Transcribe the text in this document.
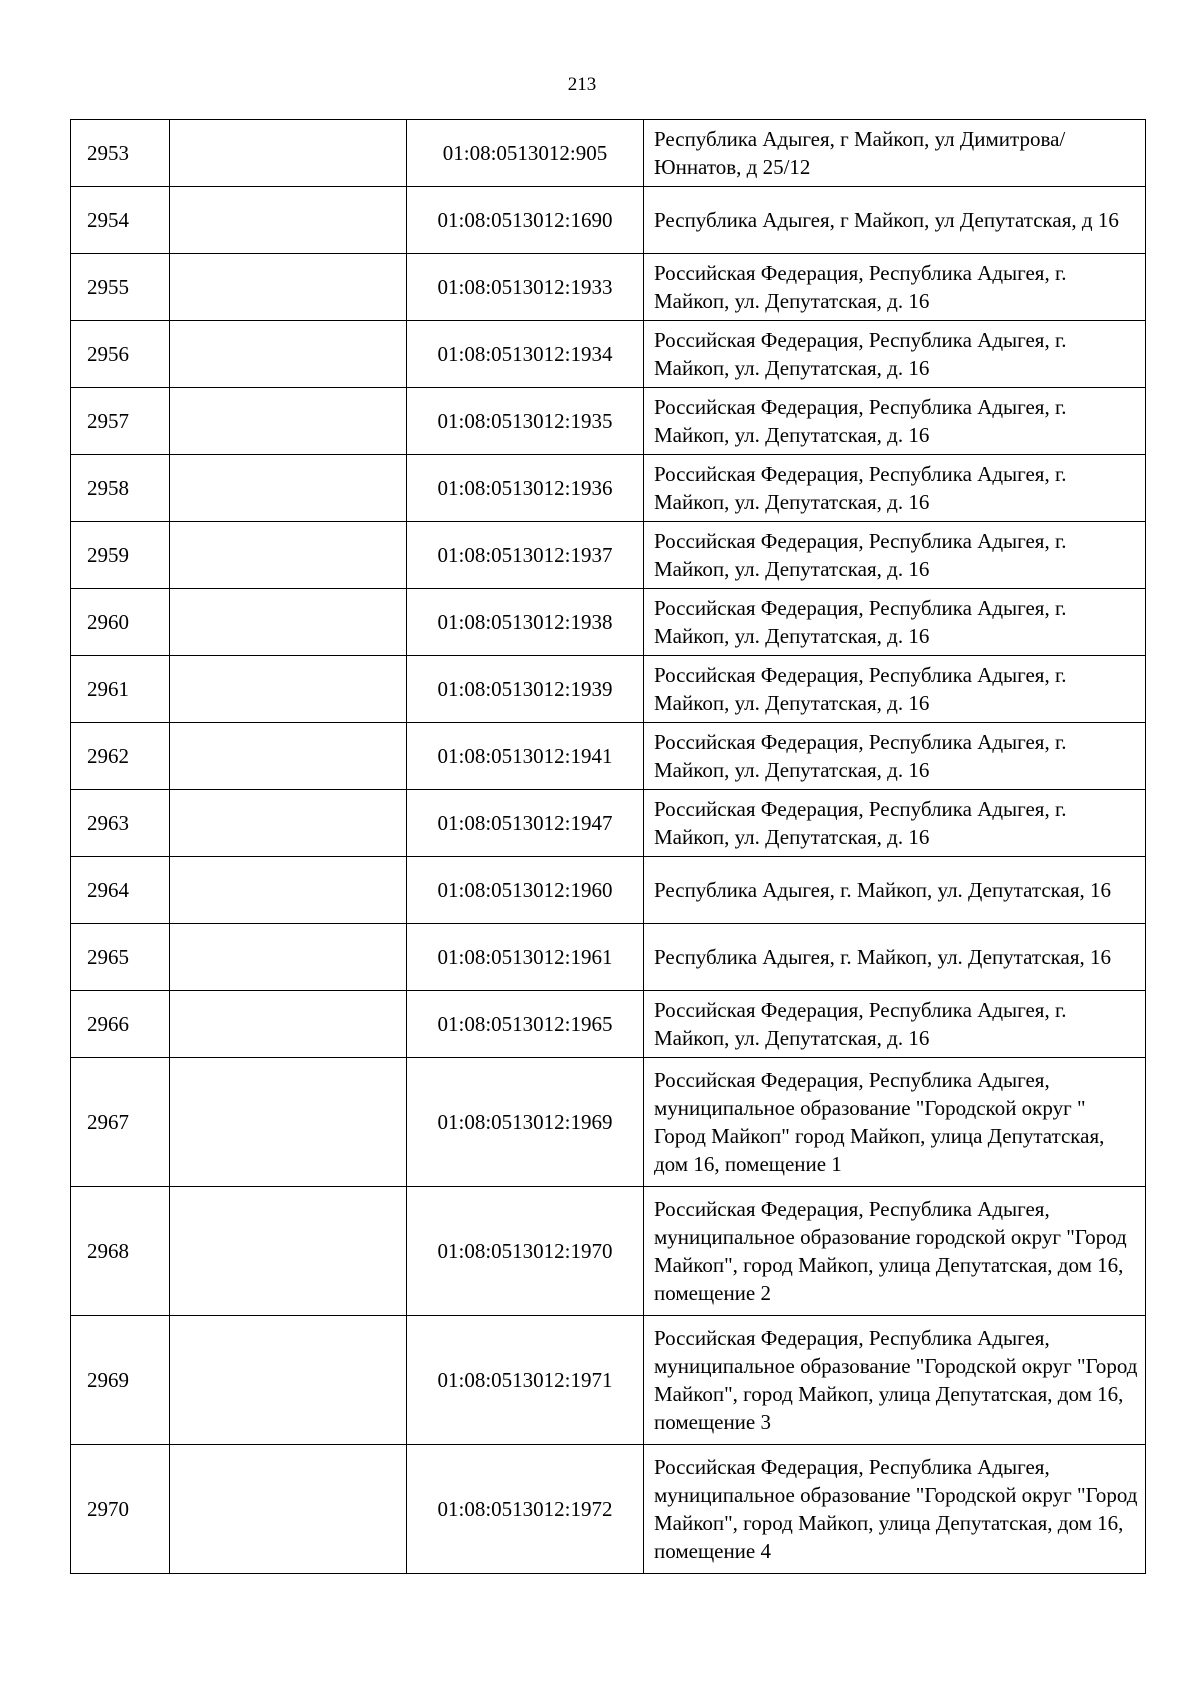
213
2953		01:08:0513012:905	Республика Адыгея, г Майкоп, ул Димитрова/Юннатов, д 25/12
2954		01:08:0513012:1690	Республика Адыгея, г Майкоп, ул Депутатская, д 16
2955		01:08:0513012:1933	Российская Федерация, Республика Адыгея, г. Майкоп, ул. Депутатская, д. 16
2956		01:08:0513012:1934	Российская Федерация, Республика Адыгея, г. Майкоп, ул. Депутатская, д. 16
2957		01:08:0513012:1935	Российская Федерация, Республика Адыгея, г. Майкоп, ул. Депутатская, д. 16
2958		01:08:0513012:1936	Российская Федерация, Республика Адыгея, г. Майкоп, ул. Депутатская, д. 16
2959		01:08:0513012:1937	Российская Федерация, Республика Адыгея, г. Майкоп, ул. Депутатская, д. 16
2960		01:08:0513012:1938	Российская Федерация, Республика Адыгея, г. Майкоп, ул. Депутатская, д. 16
2961		01:08:0513012:1939	Российская Федерация, Республика Адыгея, г. Майкоп, ул. Депутатская, д. 16
2962		01:08:0513012:1941	Российская Федерация, Республика Адыгея, г. Майкоп, ул. Депутатская, д. 16
2963		01:08:0513012:1947	Российская Федерация, Республика Адыгея, г. Майкоп, ул. Депутатская, д. 16
2964		01:08:0513012:1960	Республика Адыгея, г. Майкоп, ул. Депутатская, 16
2965		01:08:0513012:1961	Республика Адыгея, г. Майкоп, ул. Депутатская, 16
2966		01:08:0513012:1965	Российская Федерация, Республика Адыгея, г. Майкоп, ул. Депутатская, д. 16
2967		01:08:0513012:1969	Российская Федерация, Республика Адыгея, муниципальное образование "Городской округ " Город Майкоп" город Майкоп, улица Депутатская, дом 16, помещение 1
2968		01:08:0513012:1970	Российская Федерация, Республика Адыгея, муниципальное образование городской округ "Город Майкоп", город Майкоп, улица Депутатская, дом 16, помещение 2
2969		01:08:0513012:1971	Российская Федерация, Республика Адыгея, муниципальное образование "Городской округ "Город Майкоп", город Майкоп, улица Депутатская, дом 16, помещение 3
2970		01:08:0513012:1972	Российская Федерация, Республика Адыгея, муниципальное образование "Городской округ "Город Майкоп", город Майкоп, улица Депутатская, дом 16, помещение 4
